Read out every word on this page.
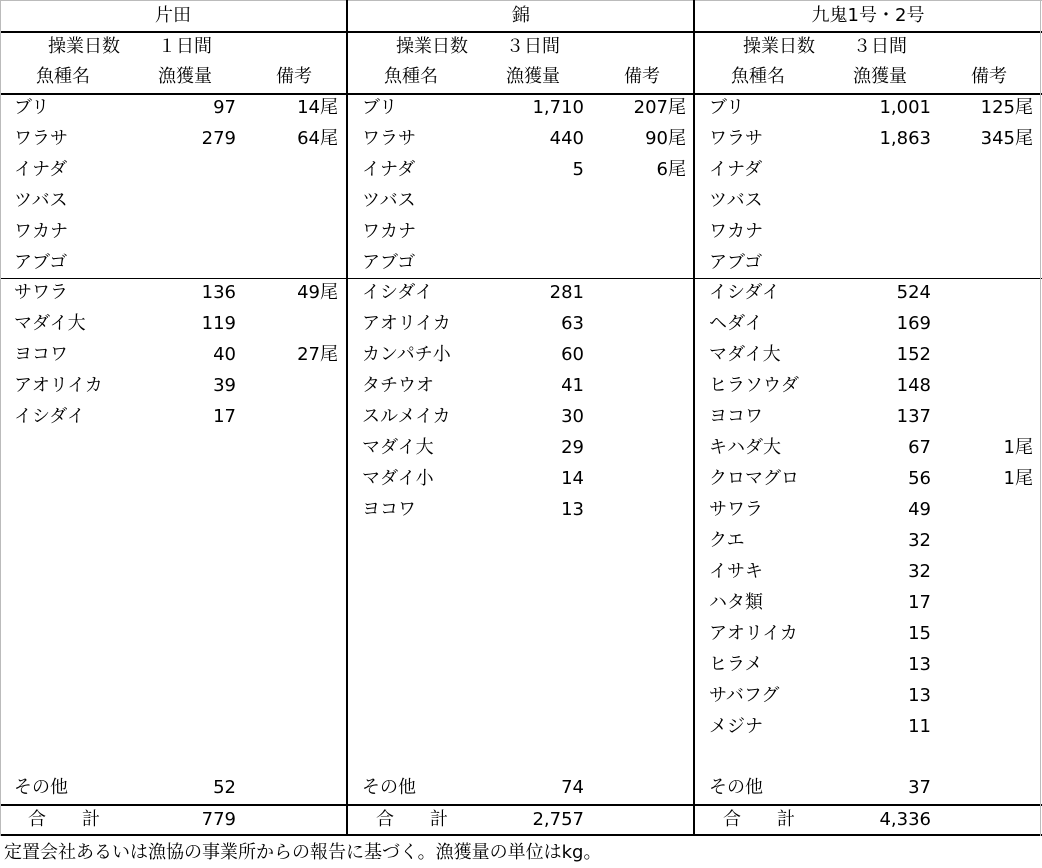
片田
操業日数 １日間
魚種名	漁獲量	備考
ブリ	97	14尾
ワラサ	279	64尾
イナダ
ツバス
ワカナ
アブゴ
サワラ	136	49尾
マダイ大	119
ヨコワ	40	27尾
アオリイカ	39
イシダイ	17
その他	52
合　　計	779
錦
操業日数 ３日間
魚種名	漁獲量	備考
ブリ	1,710	207尾
ワラサ	440	90尾
イナダ	5	6尾
ツバス
ワカナ
アブゴ
イシダイ	281
アオリイカ	63
カンパチ小	60
タチウオ	41
スルメイカ	30
マダイ大	29
マダイ小	14
ヨコワ	13
その他	74
合　　計	2,757
九鬼1号・2号
操業日数 ３日間
魚種名	漁獲量	備考
ブリ	1,001	125尾
ワラサ	1,863	345尾
イナダ
ツバス
ワカナ
アブゴ
イシダイ	524
ヘダイ	169
マダイ大	152
ヒラソウダ	148
ヨコワ	137
キハダ大	67	1尾
クロマグロ	56	1尾
サワラ	49
クエ	32
イサキ	32
ハタ類	17
アオリイカ	15
ヒラメ	13
サバフグ	13
メジナ	11
その他	37
合　　計	4,336
定置会社あるいは漁協の事業所からの報告に基づく。漁獲量の単位はkg。
